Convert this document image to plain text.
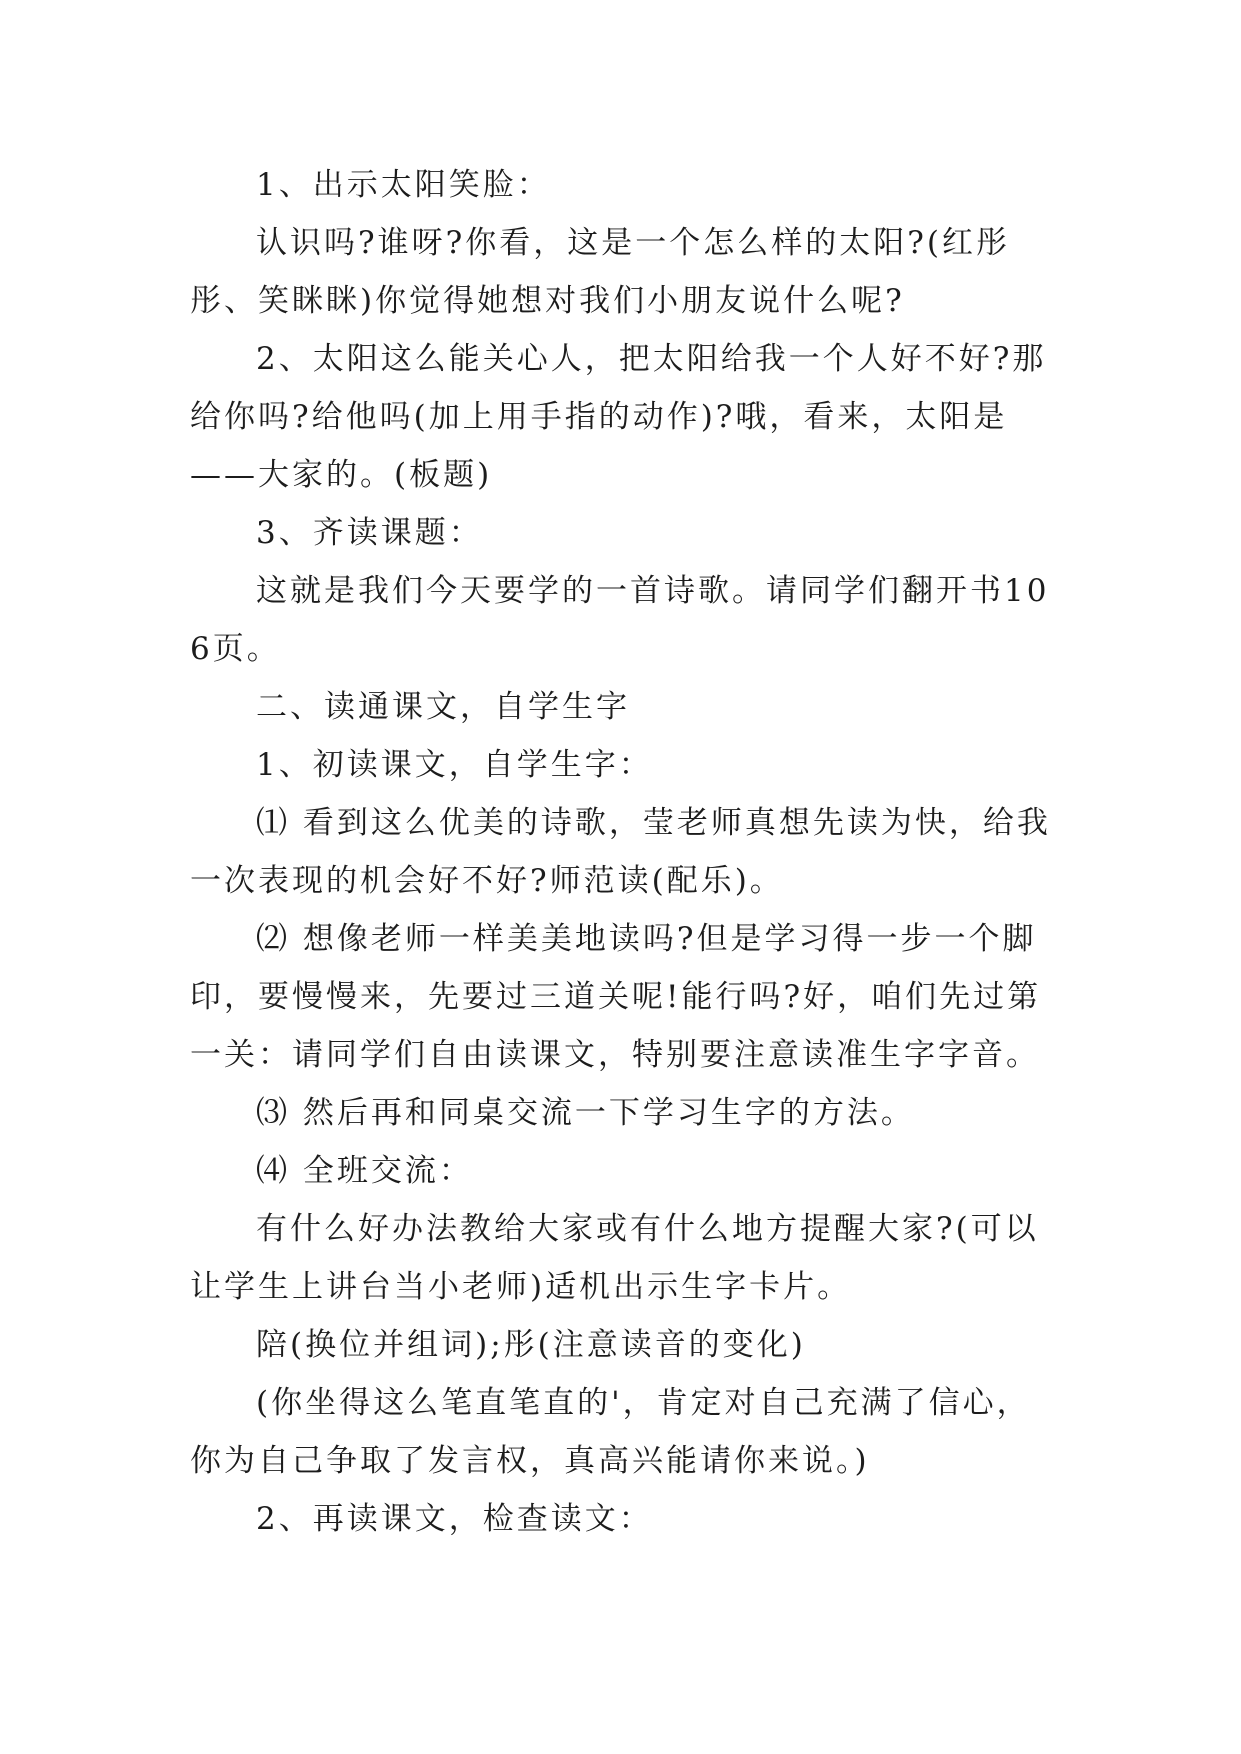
1、出示太阳笑脸：

认识吗?谁呀?你看，这是一个怎么样的太阳?(红彤彤、笑眯眯)你觉得她想对我们小朋友说什么呢?

2、太阳这么能关心人，把太阳给我一个人好不好?那给你吗?给他吗(加上用手指的动作)?哦，看来，太阳是——大家的。(板题)

3、齐读课题：

这就是我们今天要学的一首诗歌。请同学们翻开书106页。

二、读通课文，自学生字

1、初读课文，自学生字：

⑴ 看到这么优美的诗歌，莹老师真想先读为快，给我一次表现的机会好不好?师范读(配乐)。

⑵ 想像老师一样美美地读吗?但是学习得一步一个脚印，要慢慢来，先要过三道关呢!能行吗?好，咱们先过第一关：请同学们自由读课文，特别要注意读准生字字音。

⑶ 然后再和同桌交流一下学习生字的方法。

⑷ 全班交流：

有什么好办法教给大家或有什么地方提醒大家?(可以让学生上讲台当小老师)适机出示生字卡片。

陪(换位并组词);彤(注意读音的变化)

(你坐得这么笔直笔直的'，肯定对自己充满了信心，你为自己争取了发言权，真高兴能请你来说。)

2、再读课文，检查读文：
